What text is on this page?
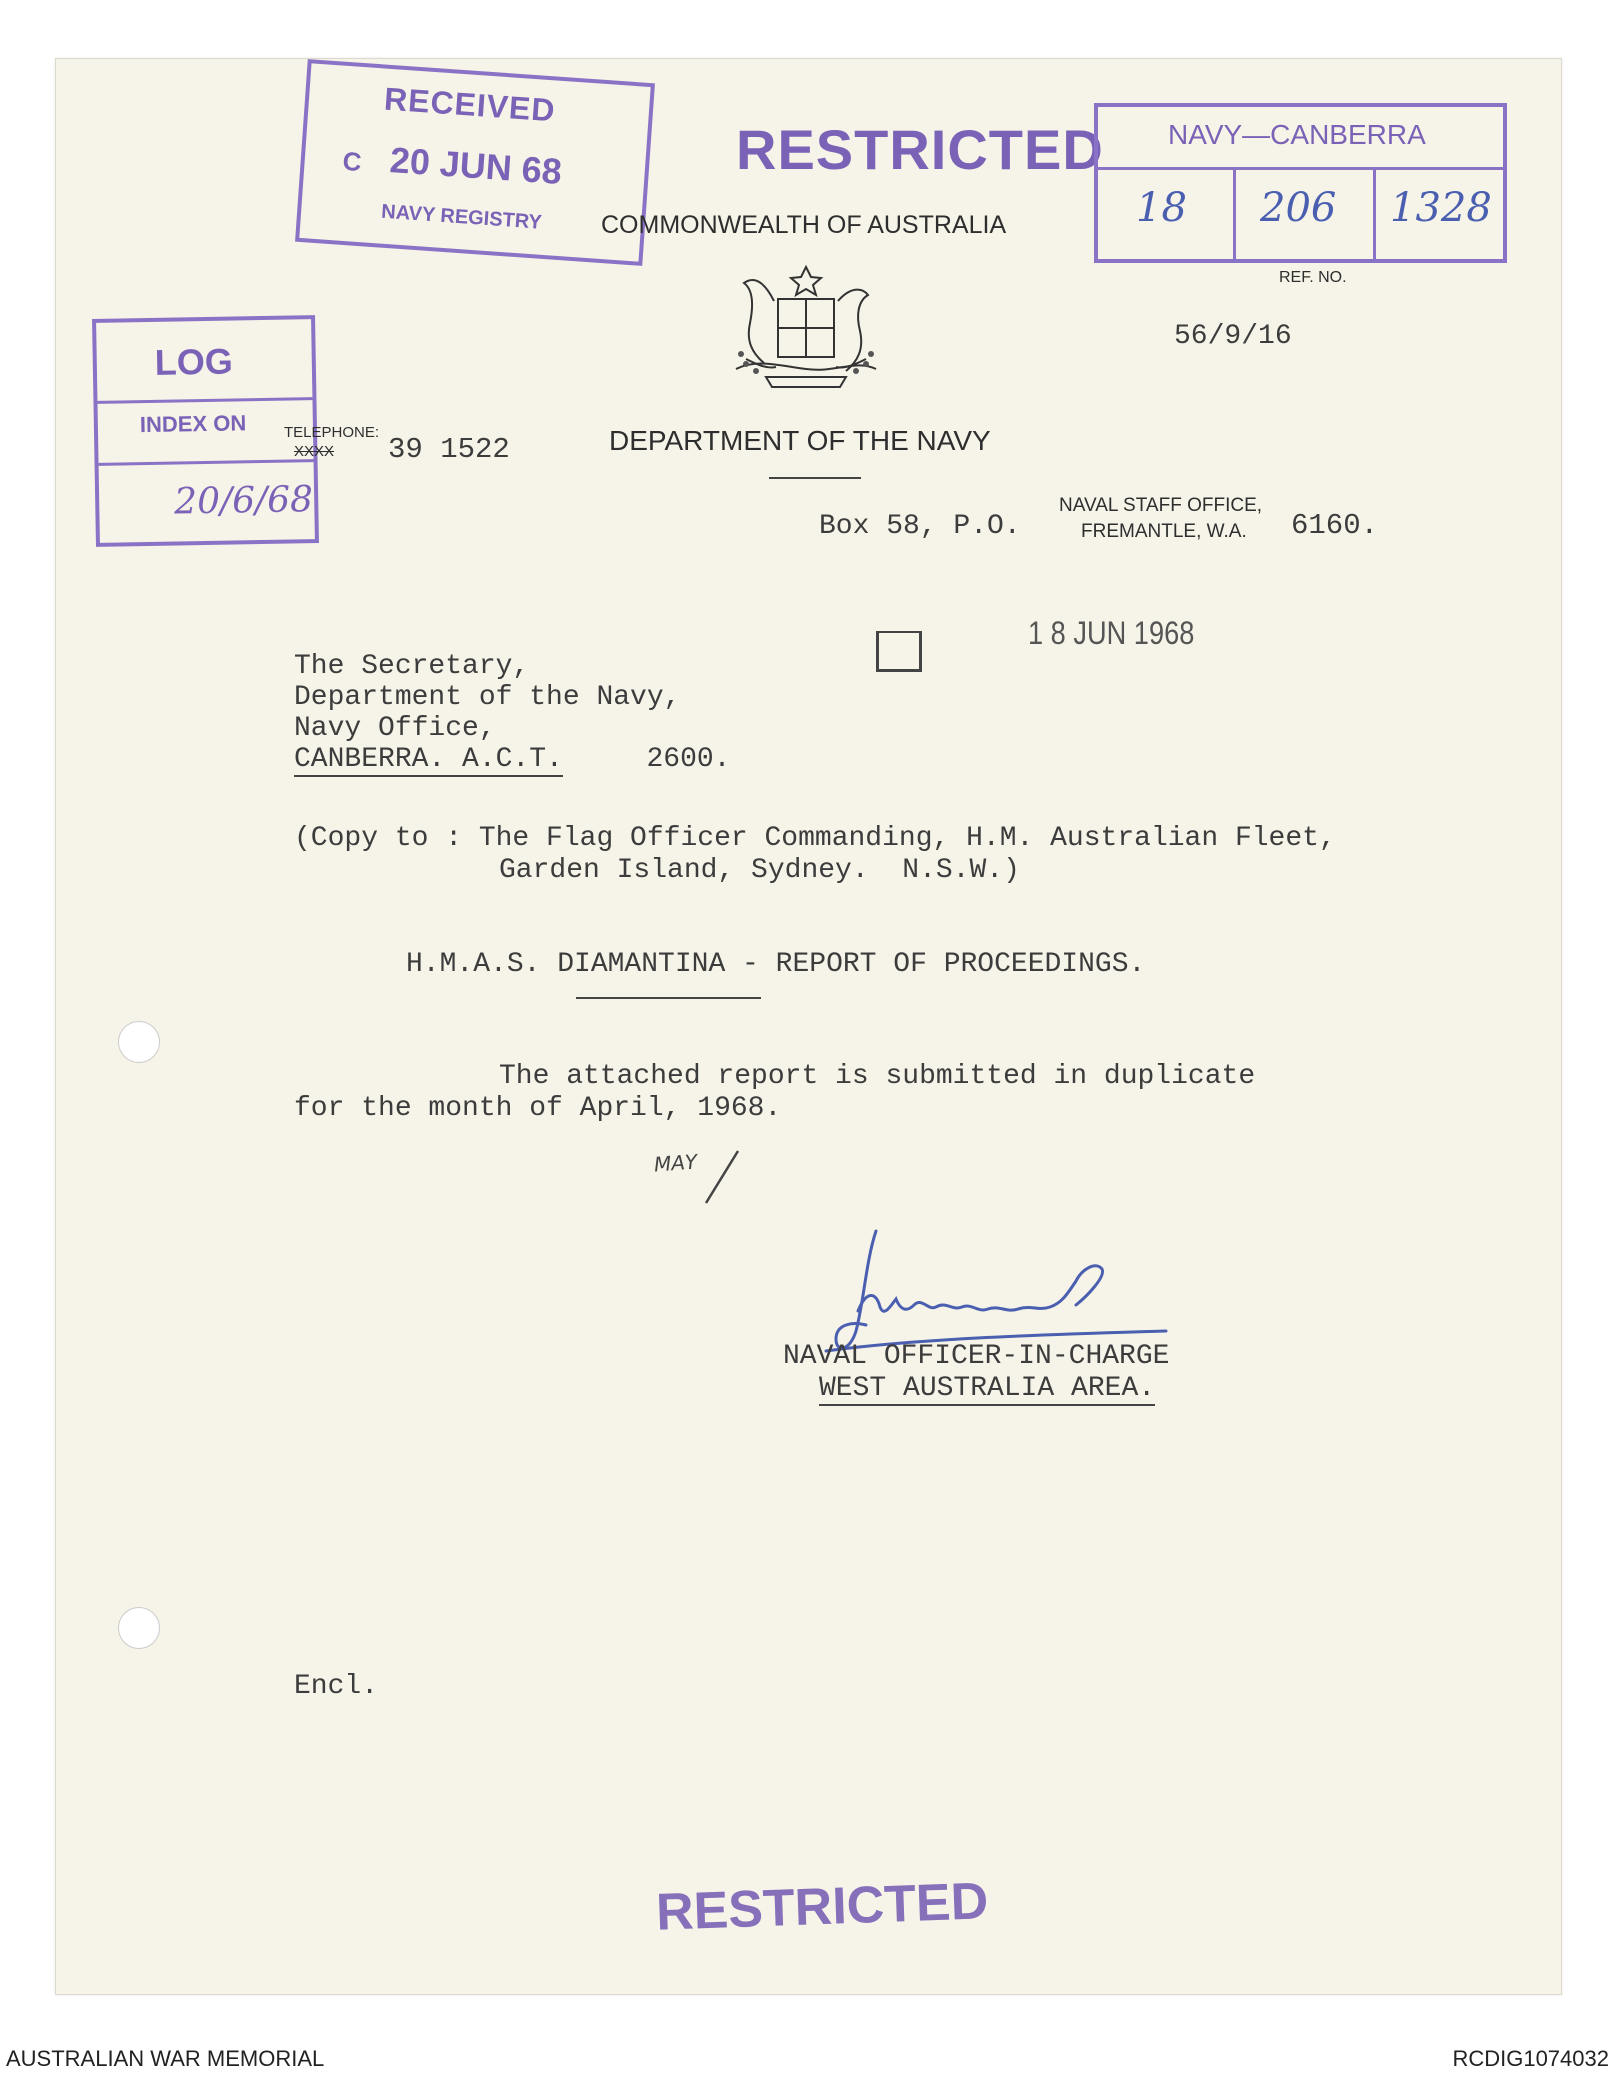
RECEIVED
C 20 JUN 68
NAVY REGISTRY
RESTRICTED
COMMONWEALTH OF AUSTRALIA
NAVY—CANBERRA
18 206 1328
REF. NO.
56/9/16
LOG
INDEX ON
20/6/68
TELEPHONE:
XXXX 39 1522	DEPARTMENT OF THE NAVY
Box 58, P.O.
NAVAL STAFF OFFICE,
FREMANTLE, W.A. 6160.
1 8 JUN 1968
The Secretary,
Department of the Navy,
Navy Office,
CANBERRA. A.C.T.	2600.
(Copy to : The Flag Officer Commanding, H.M. Australian Fleet,
Garden Island, Sydney.  N.S.W.)
H.M.A.S. DIAMANTINA - REPORT OF PROCEEDINGS.
The attached report is submitted in duplicate
for the month of April, 1968.
MAY
NAVAL OFFICER-IN-CHARGE
WEST AUSTRALIA AREA.
Encl.
RESTRICTED
AUSTRALIAN WAR MEMORIAL	RCDIG1074032
